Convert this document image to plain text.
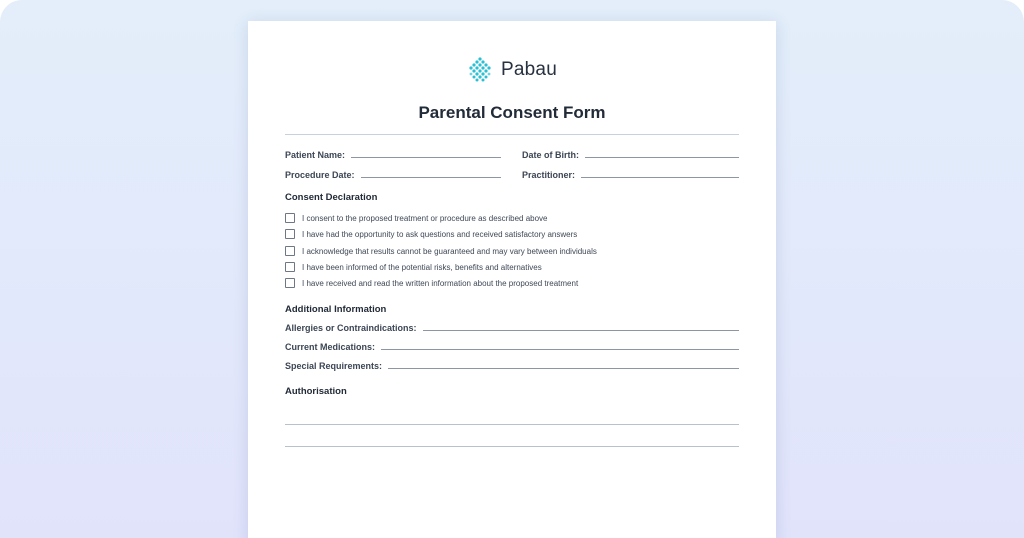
Pabau
Parental Consent Form
Patient Name:	Date of Birth:
Procedure Date:	Practitioner:
Consent Declaration
I consent to the proposed treatment or procedure as described above
I have had the opportunity to ask questions and received satisfactory answers
I acknowledge that results cannot be guaranteed and may vary between individuals
I have been informed of the potential risks, benefits and alternatives
I have received and read the written information about the proposed treatment
Additional Information
Allergies or Contraindications:
Current Medications:
Special Requirements:
Authorisation
